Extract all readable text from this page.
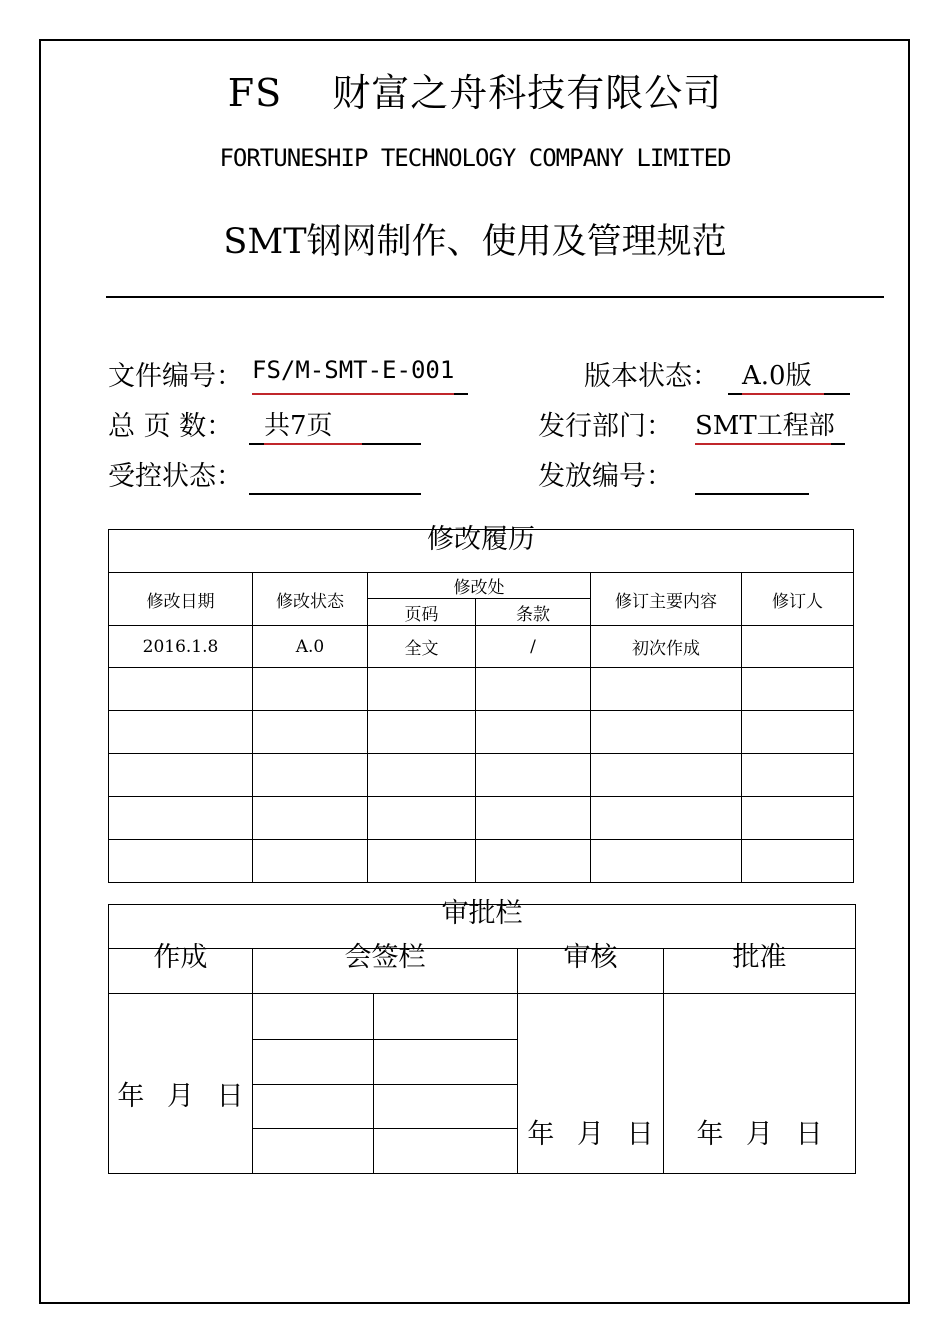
FS 财富之舟科技有限公司
FORTUNESHIP TECHNOLOGY COMPANY LIMITED
SMT钢网制作、使用及管理规范
文件编号： FS/M-SMT-E-001	版本状态： A.0版
总 页 数： 共7页	发行部门： SMT工程部
受控状态：	发放编号：
修改履历					
修改日期	修改状态	修改处		修订主要内容	修订人
		页码	条款		
2016.1.8	A.0	全文	/	初次作成	

审批栏				
作成	会签栏		审核	批准
年 月 日			年 月 日	年 月 日
